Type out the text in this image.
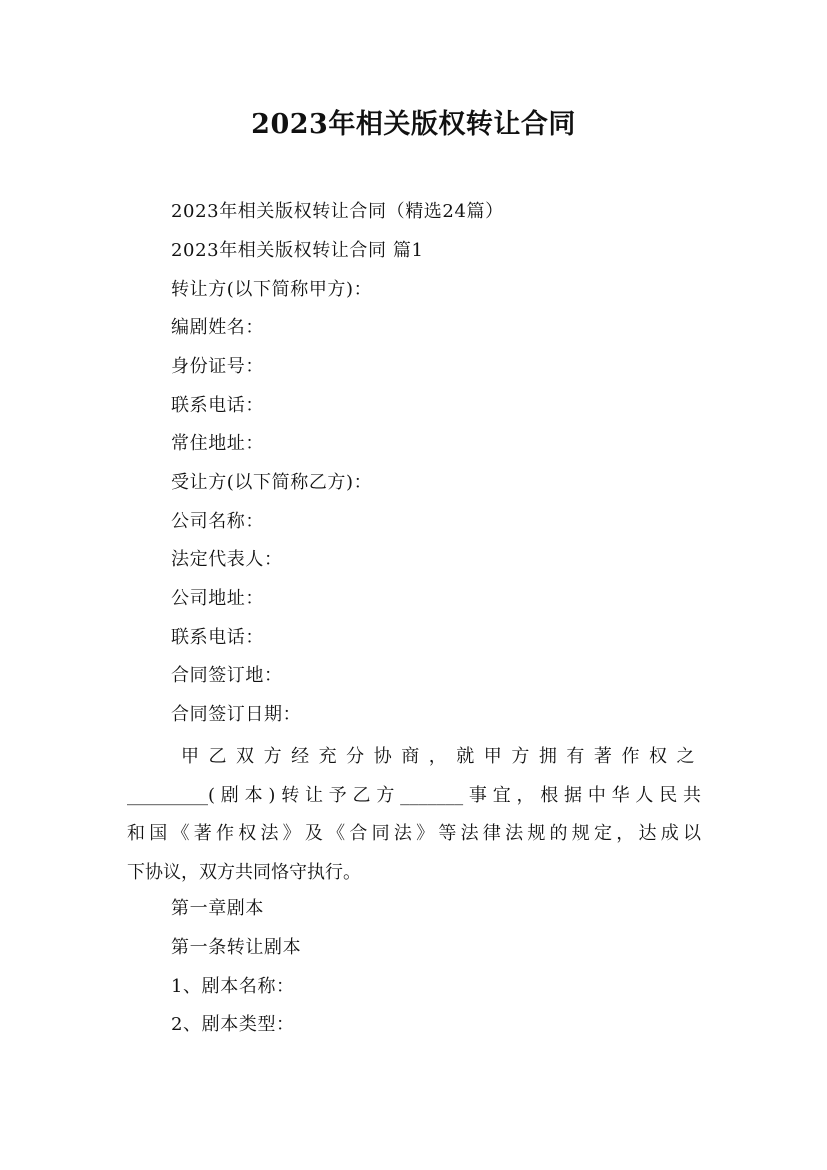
2023年相关版权转让合同
2023年相关版权转让合同（精选24篇）
2023年相关版权转让合同 篇1
转让方(以下简称甲方)：
编剧姓名：
身份证号：
联系电话：
常住地址：
受让方(以下简称乙方)：
公司名称：
法定代表人：
公司地址：
联系电话：
合同签订地：
合同签订日期：
甲乙双方经充分协商，就甲方拥有著作权之
_________(剧本)转让予乙方_______事宜，根据中华人民共
和国《著作权法》及《合同法》等法律法规的规定，达成以
下协议，双方共同恪守执行。
第一章剧本
第一条转让剧本
1、剧本名称：
2、剧本类型：
